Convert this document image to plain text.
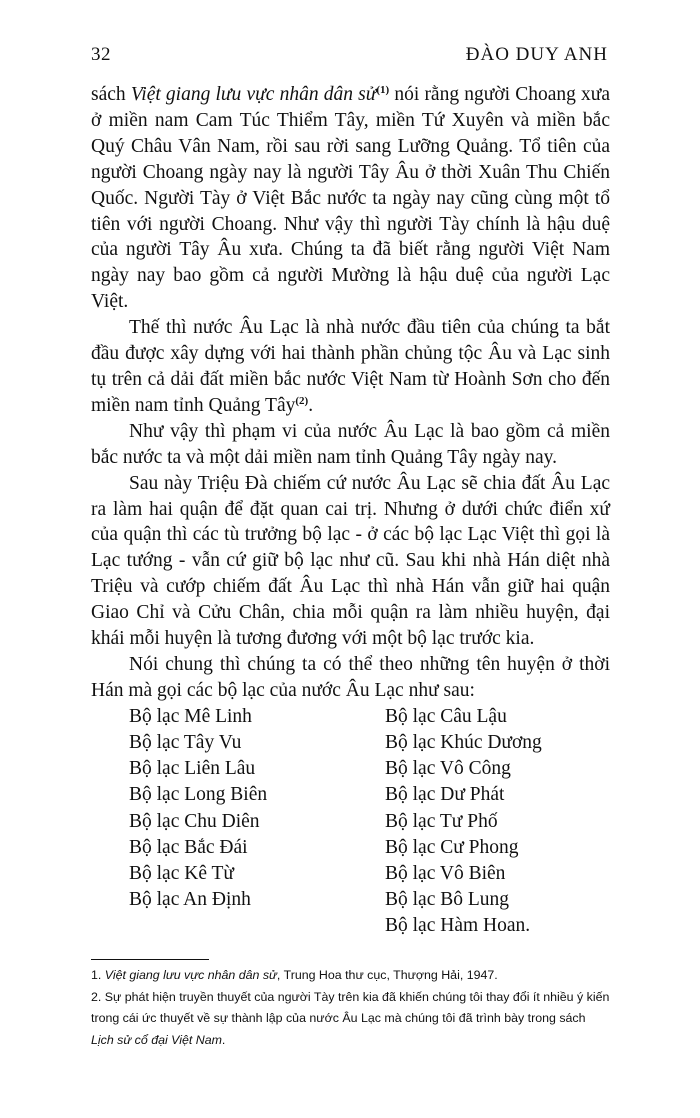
32	ĐÀO DUY ANH

sách Việt giang lưu vực nhân dân sử$^{(1)}$ nói rằng người Choang xưa ở miền nam Cam Túc Thiểm Tây, miền Tứ Xuyên và miền bắc Quý Châu Vân Nam, rồi sau rời sang Lưỡng Quảng. Tổ tiên của người Choang ngày nay là người Tây Âu ở thời Xuân Thu Chiến Quốc. Người Tày ở Việt Bắc nước ta ngày nay cũng cùng một tổ tiên với người Choang. Như vậy thì người Tày chính là hậu duệ của người Tây Âu xưa. Chúng ta đã biết rằng người Việt Nam ngày nay bao gồm cả người Mường là hậu duệ của người Lạc Việt.

Thế thì nước Âu Lạc là nhà nước đầu tiên của chúng ta bắt đầu được xây dựng với hai thành phần chủng tộc Âu và Lạc sinh tụ trên cả dải đất miền bắc nước Việt Nam từ Hoành Sơn cho đến miền nam tỉnh Quảng Tây$^{(2)}$.

Như vậy thì phạm vi của nước Âu Lạc là bao gồm cả miền bắc nước ta và một dải miền nam tỉnh Quảng Tây ngày nay.

Sau này Triệu Đà chiếm cứ nước Âu Lạc sẽ chia đất Âu Lạc ra làm hai quận để đặt quan cai trị. Nhưng ở dưới chức điển xứ của quận thì các tù trưởng bộ lạc - ở các bộ lạc Lạc Việt thì gọi là Lạc tướng - vẫn cứ giữ bộ lạc như cũ. Sau khi nhà Hán diệt nhà Triệu và cướp chiếm đất Âu Lạc thì nhà Hán vẫn giữ hai quận Giao Chỉ và Cửu Chân, chia mỗi quận ra làm nhiều huyện, đại khái mỗi huyện là tương đương với một bộ lạc trước kia.

Nói chung thì chúng ta có thể theo những tên huyện ở thời Hán mà gọi các bộ lạc của nước Âu Lạc như sau:

Bộ lạc Mê Linh
Bộ lạc Tây Vu
Bộ lạc Liên Lâu
Bộ lạc Long Biên
Bộ lạc Chu Diên
Bộ lạc Bắc Đái
Bộ lạc Kê Từ
Bộ lạc An Định
Bộ lạc Câu Lậu
Bộ lạc Khúc Dương
Bộ lạc Vô Công
Bộ lạc Dư Phát
Bộ lạc Tư Phố
Bộ lạc Cư Phong
Bộ lạc Vô Biên
Bộ lạc Bô Lung
Bộ lạc Hàm Hoan.

1. Việt giang lưu vực nhân dân sử, Trung Hoa thư cục, Thượng Hải, 1947.

2. Sự phát hiện truyền thuyết của người Tày trên kia đã khiến chúng tôi thay đổi ít nhiều ý kiến trong cái ức thuyết về sự thành lập của nước Âu Lạc mà chúng tôi đã trình bày trong sách Lịch sử cổ đại Việt Nam.
